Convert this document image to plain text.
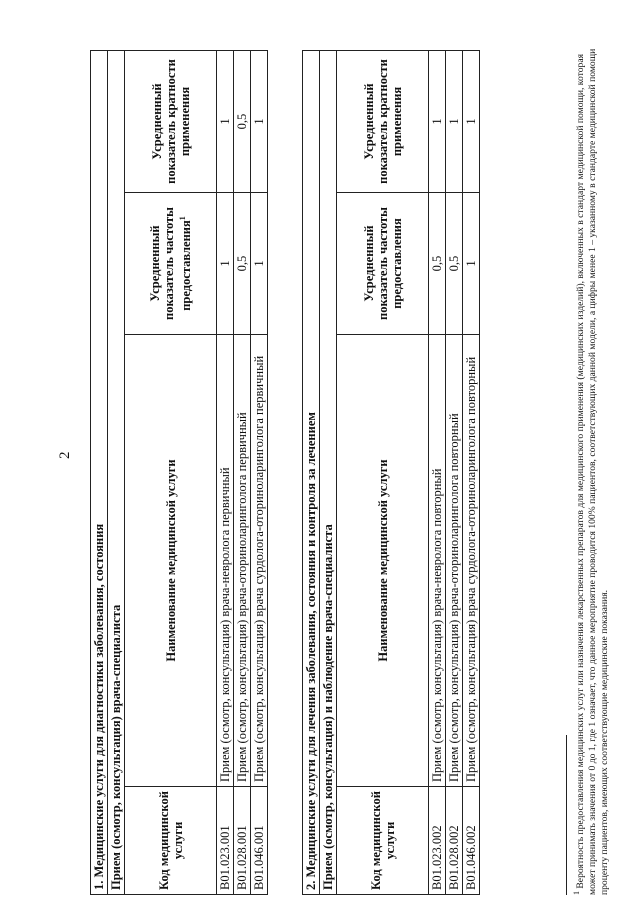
2
1. Медицинские услуги для диагностики заболевания, состояния			
Прием (осмотр, консультация) врача-специалиста			
Код медицинской услуги	Наименование медицинской услуги	Усредненный показатель частоты предоставления$^1$	Усредненный показатель кратности применения
B01.023.001	Прием (осмотр, консультация) врача-невролога первичный	1	1
B01.028.001	Прием (осмотр, консультация) врача-оториноларинголога первичный	0,5	0,5
B01.046.001	Прием (осмотр, консультация) врача сурдолога-оториноларинголога первичный	1	1
2. Медицинские услуги для лечения заболевания, состояния и контроля за лечением			
Прием (осмотр, консультация) и наблюдение врача-специалиста			
Код медицинской услуги	Наименование медицинской услуги	Усредненный показатель частоты предоставления	Усредненный показатель кратности применения
B01.023.002	Прием (осмотр, консультация) врача-невролога повторный	0,5	1
B01.028.002	Прием (осмотр, консультация) врача-оториноларинголога повторный	0,5	1
B01.046.002	Прием (осмотр, консультация) врача сурдолога-оториноларинголога повторный	1	1
$^1$ Вероятность предоставления медицинских услуг или назначения лекарственных препаратов для медицинского применения (медицинских изделий), включенных в стандарт медицинской помощи, которая может принимать значения от 0 до 1, где 1 означает, что данное мероприятие проводится 100% пациентов, соответствующих данной модели, а цифры менее 1 – указанному в стандарте медицинской помощи проценту пациентов, имеющих соответствующие медицинские показания.
